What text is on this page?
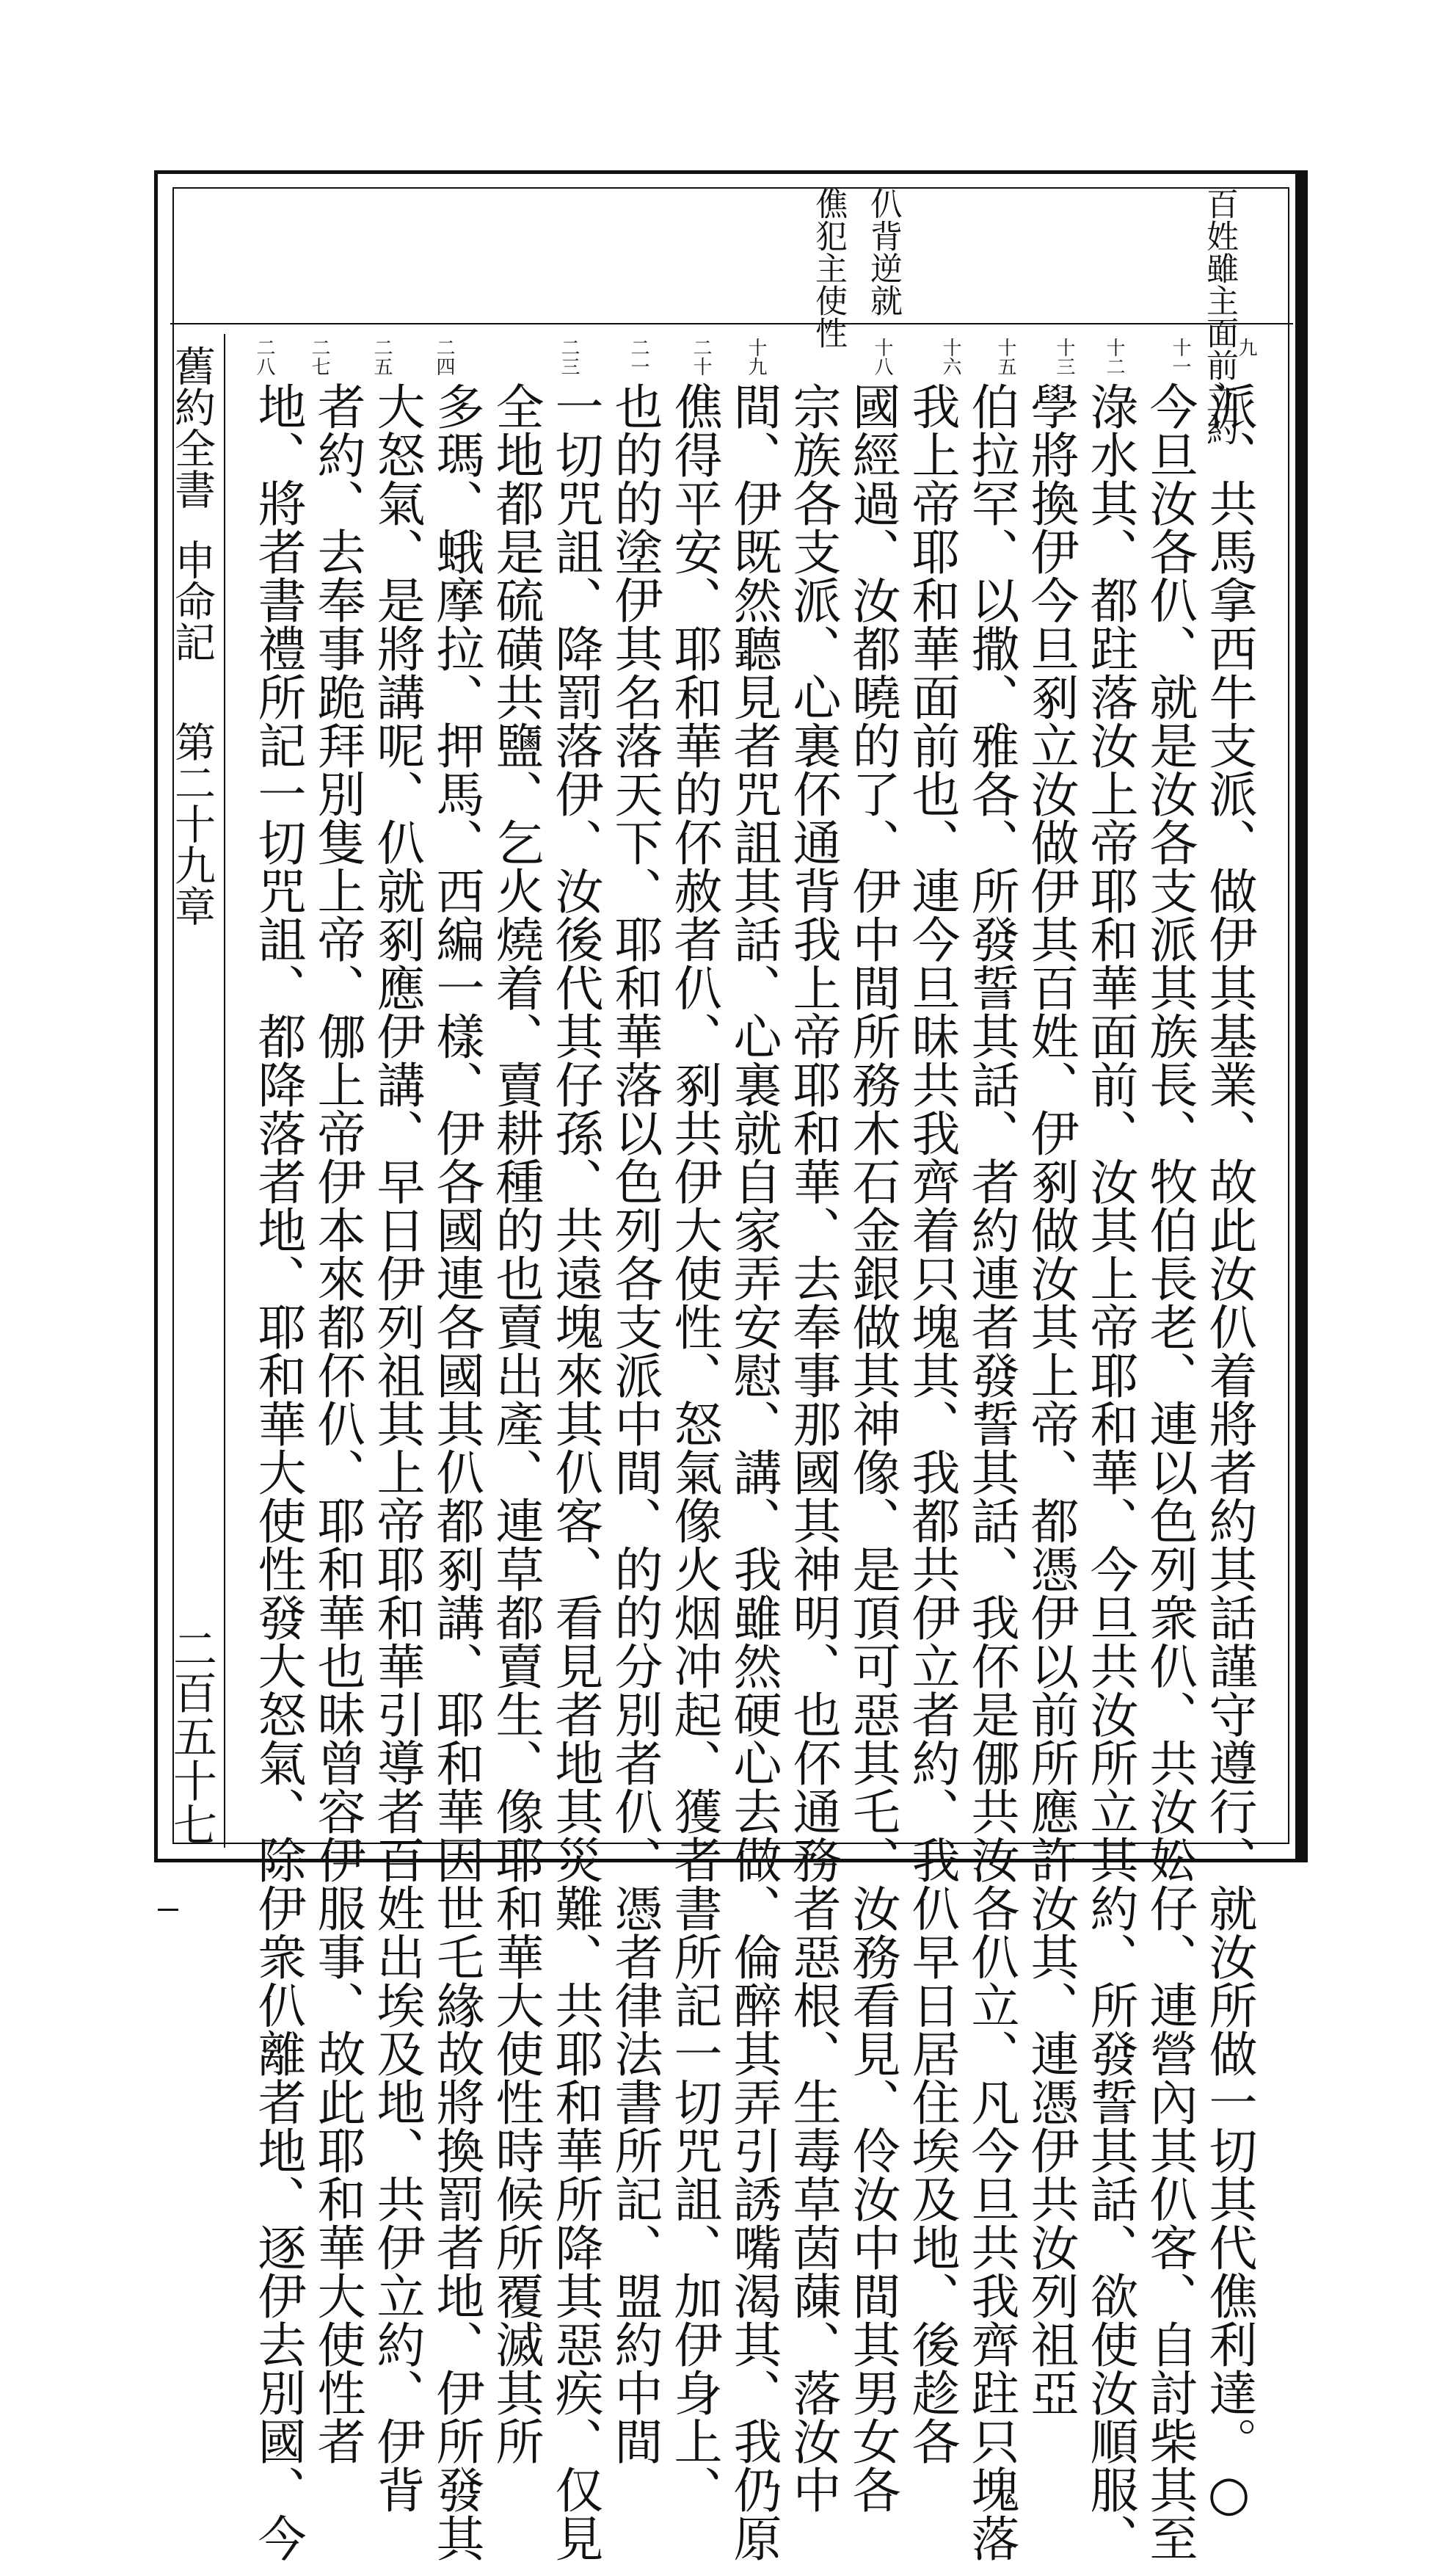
百姓雖主面前立約
仈背逆就
僬犯主使性	九
十一
十二
十三
十五
十六
十八
十九
二十
二一
二三
二四
二五
二七
二八
派、共馬拿西牛支派、做伊其基業、故此汝仈着將者約其話謹守遵行、就汝所做一切其代僬利達。○
今旦汝各仈、就是汝各支派其族長、牧伯長老、連以色列衆仈、共汝妐仔、連營內其仈客、自討柴其至
淥水其、都跓落汝上帝耶和華面前、汝其上帝耶和華、今旦共汝所立其約、所發誓其話、欲使汝順服、
學將換伊今旦剢立汝做伊其百姓、伊剢做汝其上帝、都憑伊以前所應許汝其、連憑伊共汝列祖亞
伯拉罕、以撒、雅各、所發誓其話、者約連者發誓其話、我伓是㑚共汝各仈立、凡今旦共我齊跓只塊落
我上帝耶和華面前也、連今旦昧共我齊着只塊其、我都共伊立者約、我仈早日居住埃及地、後趁各
國經過、汝都曉的了、伊中間所務木石金銀做其神像、是頂可惡其乇、汝務看見、伶汝中間其男女各
宗族各支派、心裏伓通背我上帝耶和華、去奉事那國其神明、也伓通務者惡根、生毒草茵蔯、落汝中
間、伊既然聽見者咒詛其話、心裏就自家弄安慰、講、我雖然硬心去做、倫醉其弄引誘嘴渴其、我仍原
僬得平安、耶和華的伓赦者仈、剢共伊大使性、怒氣像火烟冲起、獲者書所記一切咒詛、加伊身上、
也的的塗伊其名落天下、耶和華落以色列各支派中間、的的分別者仈、憑者律法書所記、盟約中間
一切咒詛、降罰落伊、汝後代其仔孫、共遠塊來其仈客、看見者地其災難、共耶和華所降其惡疾、仅見
全地都是硫磺共鹽、乞火燒着、賣耕種的也賣出產、連草都賣生、像耶和華大使性時候所覆滅其所
多瑪、蛾摩拉、押馬、西編一樣、伊各國連各國其仈都剢講、耶和華因世乇緣故將換罰者地、伊所發其
大怒氣、是將講呢、仈就剢應伊講、早日伊列祖其上帝耶和華引導者百姓出埃及地、共伊立約、伊背
者約、去奉事跪拜別隻上帝、㑚上帝伊本來都伓仈、耶和華也昧曾容伊服事、故此耶和華大使性者
地、將者書禮所記一切咒詛、都降落者地、耶和華大使性發大怒氣、除伊衆仈離者地、逐伊去別國、今
舊約全書申命記第二十九章
二百五十七
